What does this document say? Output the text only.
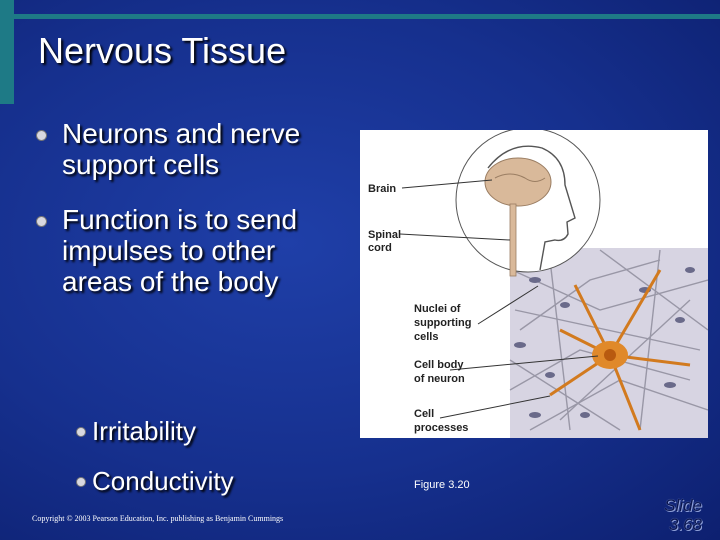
Nervous Tissue
Neurons and nerve support cells
Function is to send impulses to other areas of the body
Irritability
Conductivity
Brain
Spinal
cord
Nuclei of
supporting
cells
Cell body
of neuron
Cell
processes
Figure 3.20
Copyright © 2003 Pearson Education, Inc. publishing as Benjamin Cummings
Slide
3.68
